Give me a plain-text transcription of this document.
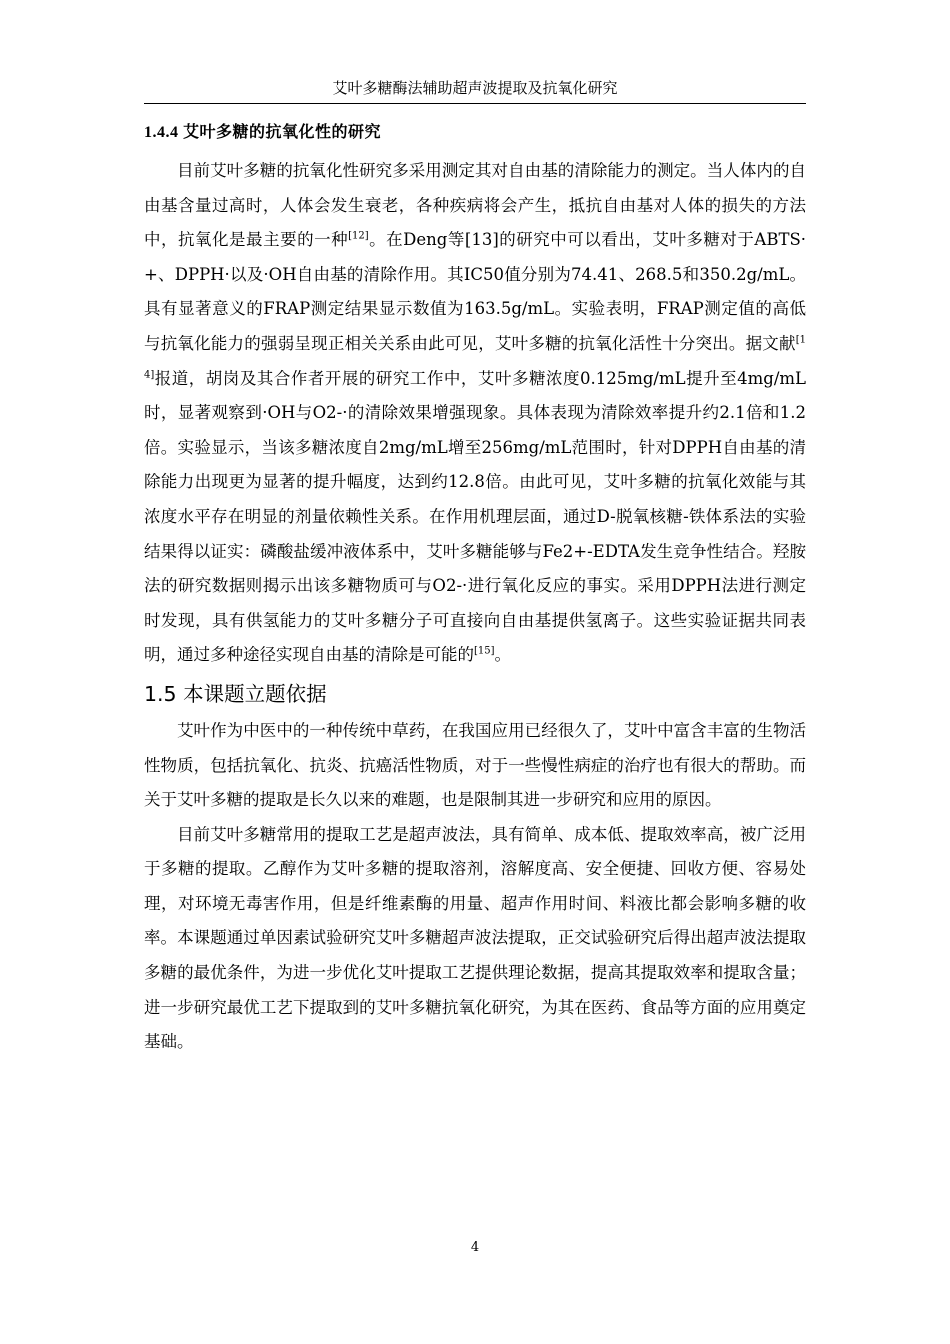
艾叶多糖酶法辅助超声波提取及抗氧化研究
1.4.4 艾叶多糖的抗氧化性的研究

目前艾叶多糖的抗氧化性研究多采用测定其对自由基的清除能力的测定。当人体内的自由基含量过高时，人体会发生衰老，各种疾病将会产生，抵抗自由基对人体的损失的方法中，抗氧化是最主要的一种[12]。在Deng等[13]的研究中可以看出，艾叶多糖对于ABTS·+、DPPH·以及·OH自由基的清除作用。其IC50值分别为74.41、268.5和350.2g/mL。具有显著意义的FRAP测定结果显示数值为163.5g/mL。实验表明，FRAP测定值的高低与抗氧化能力的强弱呈现正相关关系由此可见，艾叶多糖的抗氧化活性十分突出。据文献[14]报道，胡岗及其合作者开展的研究工作中，艾叶多糖浓度0.125mg/mL提升至4mg/mL时，显著观察到·OH与O2-·的清除效果增强现象。具体表现为清除效率提升约2.1倍和1.2倍。实验显示，当该多糖浓度自2mg/mL增至256mg/mL范围时，针对DPPH自由基的清除能力出现更为显著的提升幅度，达到约12.8倍。由此可见，艾叶多糖的抗氧化效能与其浓度水平存在明显的剂量依赖性关系。在作用机理层面，通过D-脱氧核糖-铁体系法的实验结果得以证实：磷酸盐缓冲液体系中，艾叶多糖能够与Fe2+-EDTA发生竞争性结合。羟胺法的研究数据则揭示出该多糖物质可与O2-·进行氧化反应的事实。采用DPPH法进行测定时发现，具有供氢能力的艾叶多糖分子可直接向自由基提供氢离子。这些实验证据共同表明，通过多种途径实现自由基的清除是可能的[15]。

1.5 本课题立题依据

艾叶作为中医中的一种传统中草药，在我国应用已经很久了，艾叶中富含丰富的生物活性物质，包括抗氧化、抗炎、抗癌活性物质，对于一些慢性病症的治疗也有很大的帮助。而关于艾叶多糖的提取是长久以来的难题，也是限制其进一步研究和应用的原因。

目前艾叶多糖常用的提取工艺是超声波法，具有简单、成本低、提取效率高，被广泛用于多糖的提取。乙醇作为艾叶多糖的提取溶剂，溶解度高、安全便捷、回收方便、容易处理，对环境无毒害作用，但是纤维素酶的用量、超声作用时间、料液比都会影响多糖的收率。本课题通过单因素试验研究艾叶多糖超声波法提取，正交试验研究后得出超声波法提取多糖的最优条件，为进一步优化艾叶提取工艺提供理论数据，提高其提取效率和提取含量；进一步研究最优工艺下提取到的艾叶多糖抗氧化研究，为其在医药、食品等方面的应用奠定基础。

4
